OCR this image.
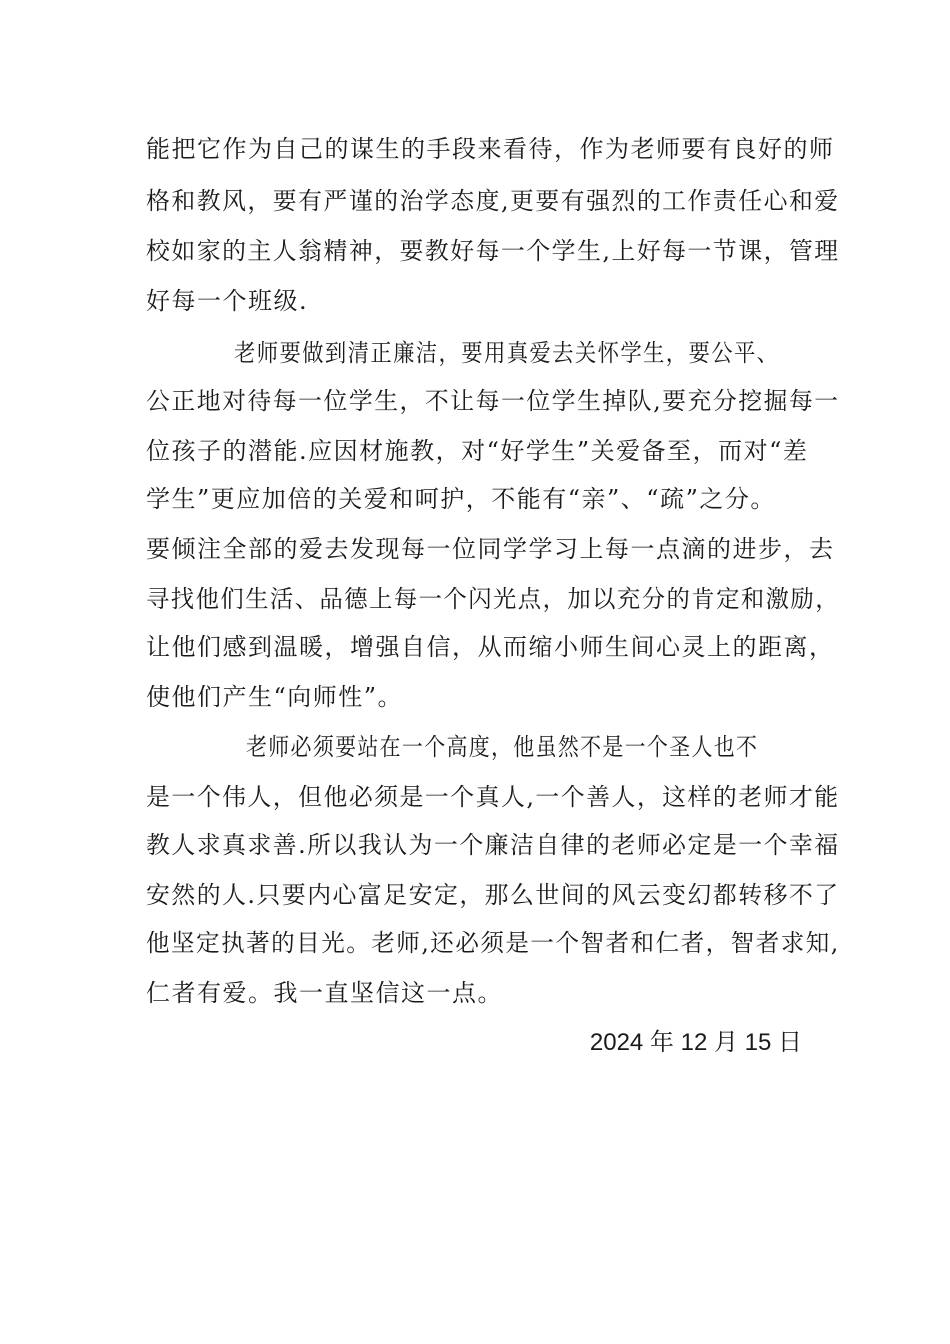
能把它作为自己的谋生的手段来看待，作为老师要有良好的师
格和教风，要有严谨的治学态度,更要有强烈的工作责任心和爱
校如家的主人翁精神，要教好每一个学生,上好每一节课，管理
好每一个班级.
老师要做到清正廉洁，要用真爱去关怀学生，要公平、
公正地对待每一位学生，不让每一位学生掉队,要充分挖掘每一
位孩子的潜能.应因材施教，对“好学生”关爱备至，而对“差
学生”更应加倍的关爱和呵护，不能有“亲”、“疏”之分。
要倾注全部的爱去发现每一位同学学习上每一点滴的进步，去
寻找他们生活、品德上每一个闪光点，加以充分的肯定和激励，
让他们感到温暖，增强自信，从而缩小师生间心灵上的距离，
使他们产生“向师性”。
老师必须要站在一个高度，他虽然不是一个圣人也不
是一个伟人，但他必须是一个真人,一个善人，这样的老师才能
教人求真求善.所以我认为一个廉洁自律的老师必定是一个幸福
安然的人.只要内心富足安定，那么世间的风云变幻都转移不了
他坚定执著的目光。老师,还必须是一个智者和仁者，智者求知,
仁者有爱。我一直坚信这一点。
2024 年 12 月 15 日
